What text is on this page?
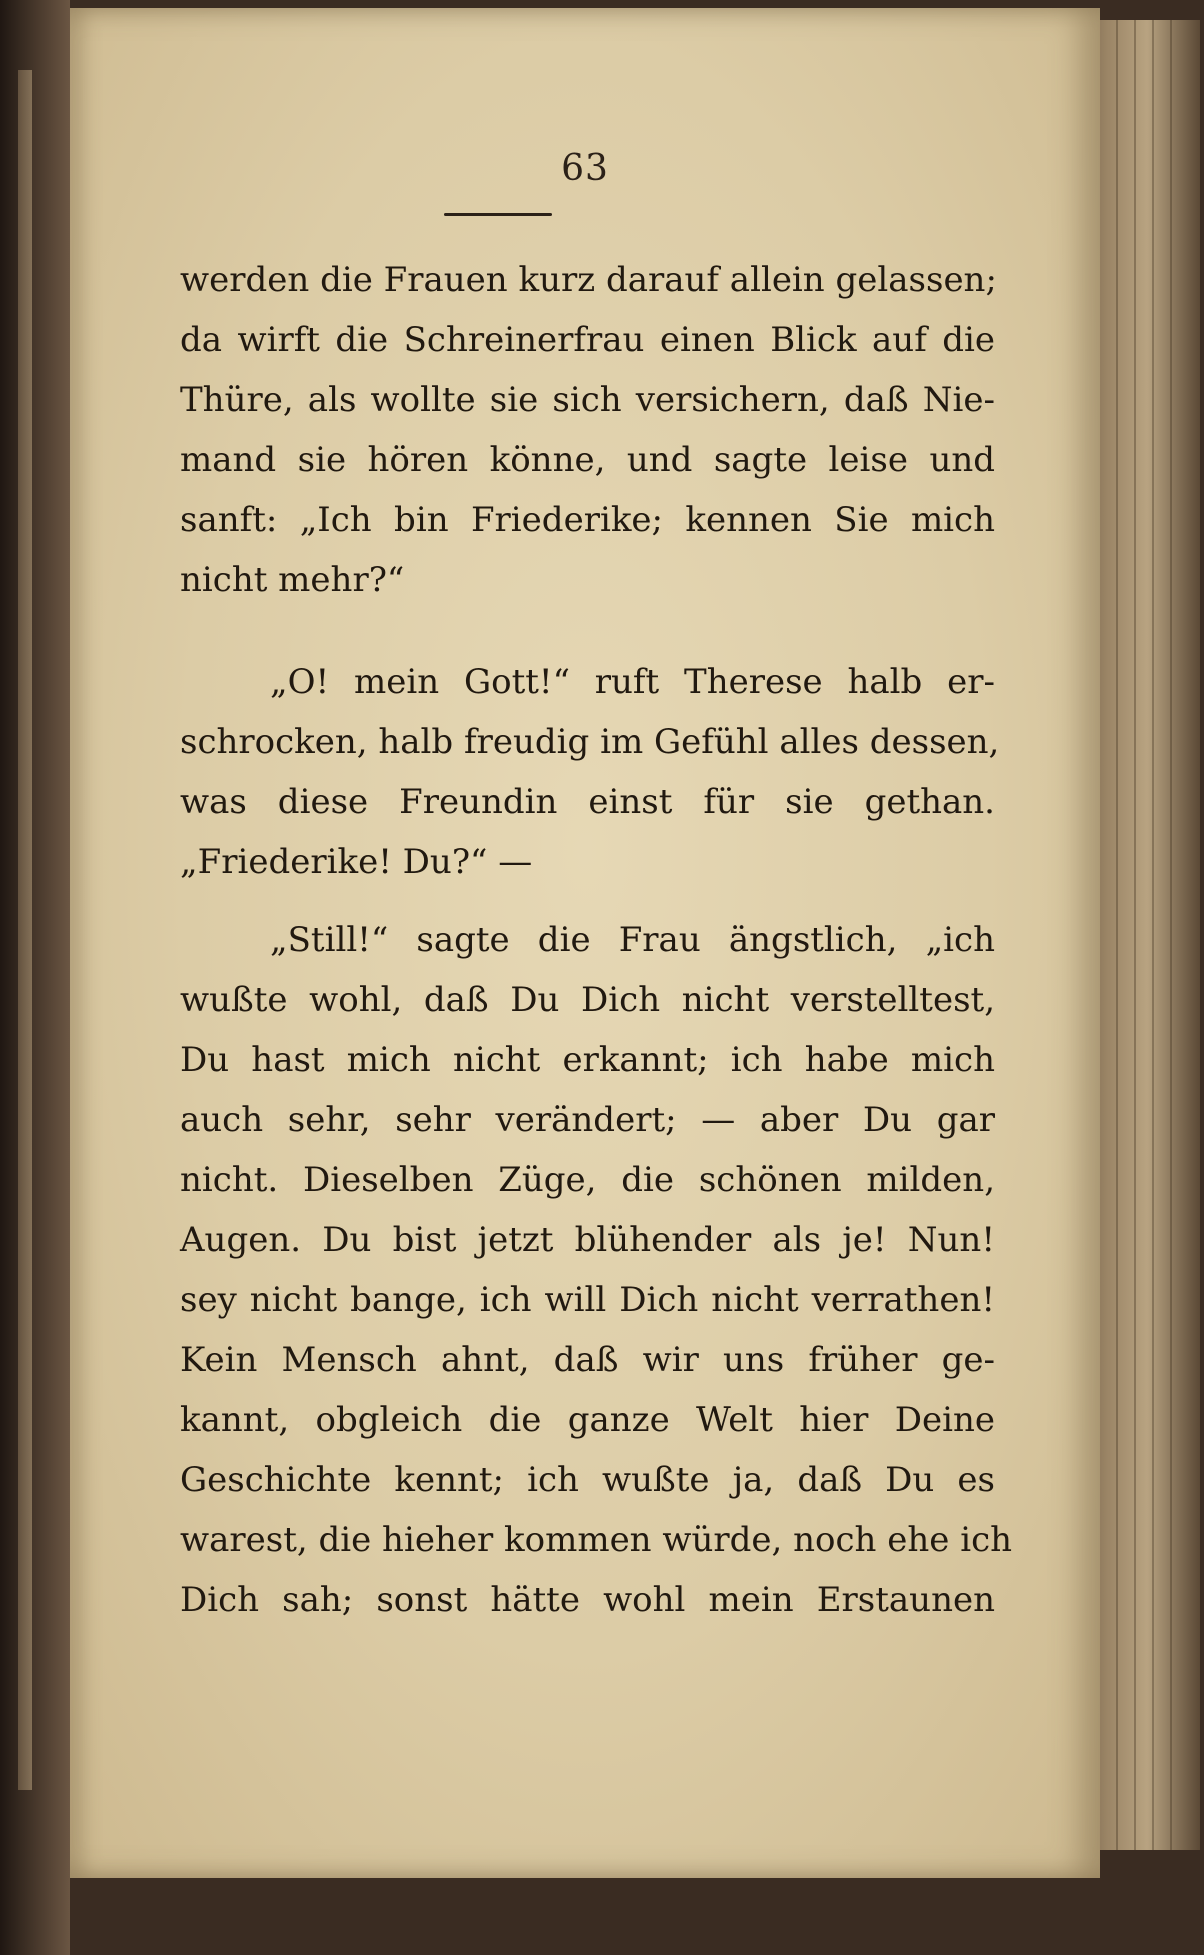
63
werden die Frauen kurz darauf allein gelassen;
da wirft die Schreinerfrau einen Blick auf die
Thüre, als wollte sie sich versichern, daß Nie-
mand sie hören könne, und sagte leise und
sanft: „Ich bin Friederike; kennen Sie mich
nicht mehr?“
„O! mein Gott!“ ruft Therese halb er-
schrocken, halb freudig im Gefühl alles dessen,
was diese Freundin einst für sie gethan.
„Friederike! Du?“ —
„Still!“ sagte die Frau ängstlich, „ich
wußte wohl, daß Du Dich nicht verstelltest,
Du hast mich nicht erkannt; ich habe mich
auch sehr, sehr verändert; — aber Du gar
nicht. Dieselben Züge, die schönen milden,
Augen. Du bist jetzt blühender als je! Nun!
sey nicht bange, ich will Dich nicht verrathen!
Kein Mensch ahnt, daß wir uns früher ge-
kannt, obgleich die ganze Welt hier Deine
Geschichte kennt; ich wußte ja, daß Du es
warest, die hieher kommen würde, noch ehe ich
Dich sah; sonst hätte wohl mein Erstaunen
